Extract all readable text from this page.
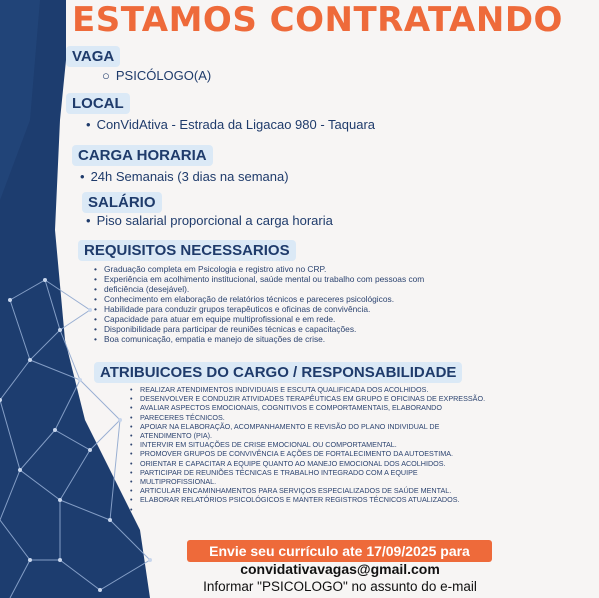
ESTAMOS CONTRATANDO
VAGA
○ PSICÓLOGO(A)
LOCAL
• ConVidAtiva - Estrada da Ligacao 980 - Taquara
CARGA HORARIA
• 24h Semanais (3 dias na semana)
SALÁRIO
• Piso salarial proporcional a carga horaria
REQUISITOS NECESSARIOS
• Graduação completa em Psicologia e registro ativo no CRP.
• Experiência em acolhimento institucional, saúde mental ou trabalho com pessoas com
• deficiência (desejável).
• Conhecimento em elaboração de relatórios técnicos e pareceres psicológicos.
• Habilidade para conduzir grupos terapêuticos e oficinas de convivência.
• Capacidade para atuar em equipe multiprofissional e em rede.
• Disponibilidade para participar de reuniões técnicas e capacitações.
• Boa comunicação, empatia e manejo de situações de crise.
ATRIBUICOES DO CARGO / RESPONSABILIDADE
• REALIZAR ATENDIMENTOS INDIVIDUAIS E ESCUTA QUALIFICADA DOS ACOLHIDOS.
• DESENVOLVER E CONDUZIR ATIVIDADES TERAPÊUTICAS EM GRUPO E OFICINAS DE EXPRESSÃO.
• AVALIAR ASPECTOS EMOCIONAIS, COGNITIVOS E COMPORTAMENTAIS, ELABORANDO
• PARECERES TÉCNICOS.
• APOIAR NA ELABORAÇÃO, ACOMPANHAMENTO E REVISÃO DO PLANO INDIVIDUAL DE
• ATENDIMENTO (PIA).
• INTERVIR EM SITUAÇÕES DE CRISE EMOCIONAL OU COMPORTAMENTAL.
• PROMOVER GRUPOS DE CONVIVÊNCIA E AÇÕES DE FORTALECIMENTO DA AUTOESTIMA.
• ORIENTAR E CAPACITAR A EQUIPE QUANTO AO MANEJO EMOCIONAL DOS ACOLHIDOS.
• PARTICIPAR DE REUNIÕES TÉCNICAS E TRABALHO INTEGRADO COM A EQUIPE
• MULTIPROFISSIONAL.
• ARTICULAR ENCAMINHAMENTOS PARA SERVIÇOS ESPECIALIZADOS DE SAÚDE MENTAL.
• ELABORAR RELATÓRIOS PSICOLÓGICOS E MANTER REGISTROS TÉCNICOS ATUALIZADOS.
Envie seu currículo ate 17/09/2025 para
convidativavagas@gmail.com
Informar "PSICOLOGO" no assunto do e-mail
